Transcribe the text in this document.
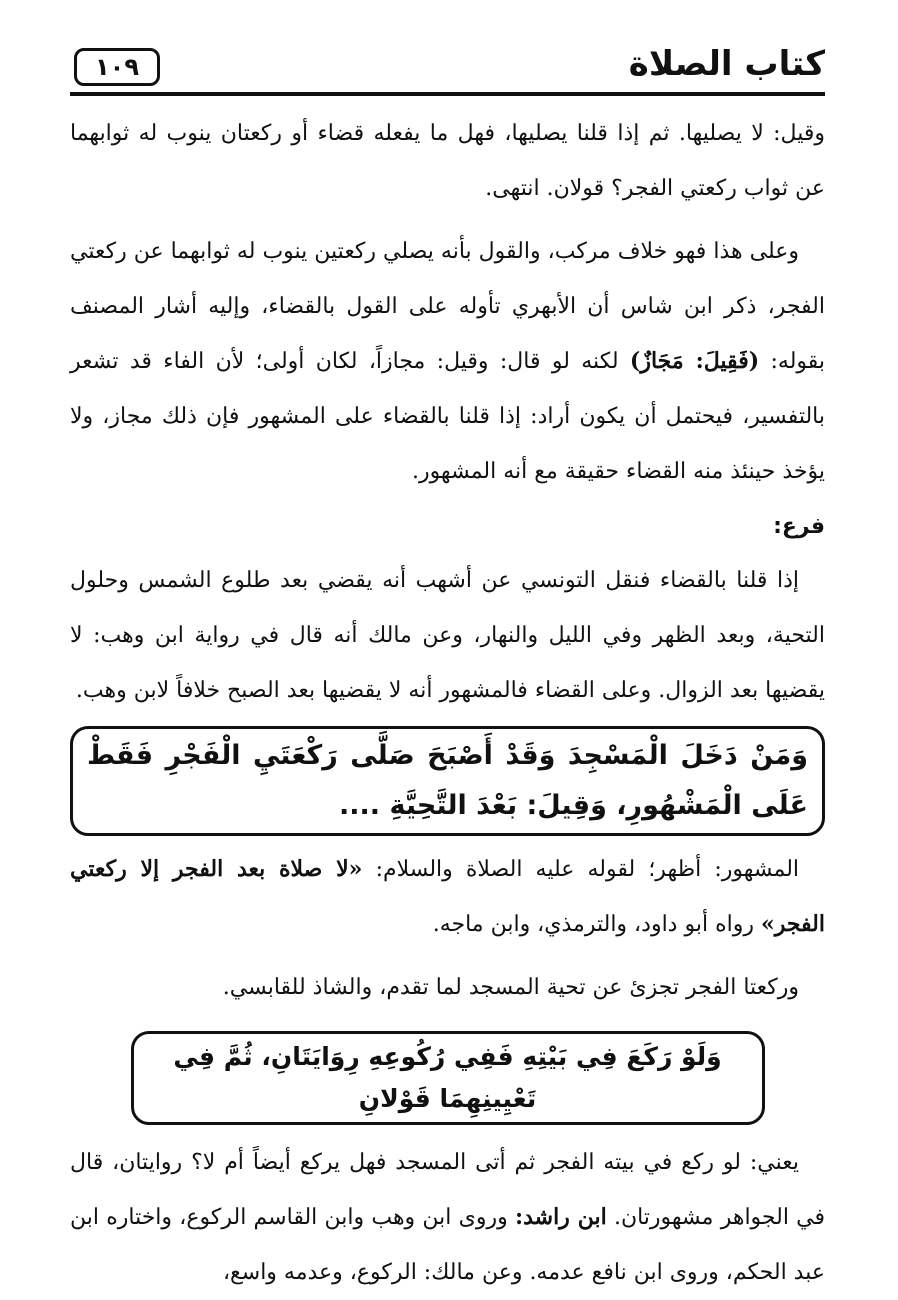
كتاب الصلاة
١٠٩

وقيل: لا يصليها. ثم إذا قلنا يصليها، فهل ما يفعله قضاء أو ركعتان ينوب له ثوابهما عن ثواب ركعتي الفجر؟ قولان. انتهى.

وعلى هذا فهو خلاف مركب، والقول بأنه يصلي ركعتين ينوب له ثوابهما عن ركعتي الفجر، ذكر ابن شاس أن الأبهري تأوله على القول بالقضاء، وإليه أشار المصنف بقوله: (فَقِيلَ: مَجَازٌ) لكنه لو قال: وقيل: مجازاً، لكان أولى؛ لأن الفاء قد تشعر بالتفسير، فيحتمل أن يكون أراد: إذا قلنا بالقضاء على المشهور فإن ذلك مجاز، ولا يؤخذ حينئذ منه القضاء حقيقة مع أنه المشهور.

فرع:

إذا قلنا بالقضاء فنقل التونسي عن أشهب أنه يقضي بعد طلوع الشمس وحلول التحية، وبعد الظهر وفي الليل والنهار، وعن مالك أنه قال في رواية ابن وهب: لا يقضيها بعد الزوال. وعلى القضاء فالمشهور أنه لا يقضيها بعد الصبح خلافاً لابن وهب.

وَمَنْ دَخَلَ الْمَسْجِدَ وَقَدْ أَصْبَحَ صَلَّى رَكْعَتَيِ الْفَجْرِ فَقَطْ عَلَى الْمَشْهُورِ، وَقِيلَ: بَعْدَ التَّحِيَّةِ ....

المشهور: أظهر؛ لقوله عليه الصلاة والسلام: «لا صلاة بعد الفجر إلا ركعتي الفجر» رواه أبو داود، والترمذي، وابن ماجه.

وركعتا الفجر تجزئ عن تحية المسجد لما تقدم، والشاذ للقابسي.

وَلَوْ رَكَعَ فِي بَيْتِهِ فَفِي رُكُوعِهِ رِوَايَتَانِ، ثُمَّ فِي تَعْيِينِهِمَا قَوْلانِ

يعني: لو ركع في بيته الفجر ثم أتى المسجد فهل يركع أيضاً أم لا؟ روايتان، قال في الجواهر مشهورتان. ابن راشد: وروى ابن وهب وابن القاسم الركوع، واختاره ابن عبد الحكم، وروى ابن نافع عدمه. وعن مالك: الركوع، وعدمه واسع،
